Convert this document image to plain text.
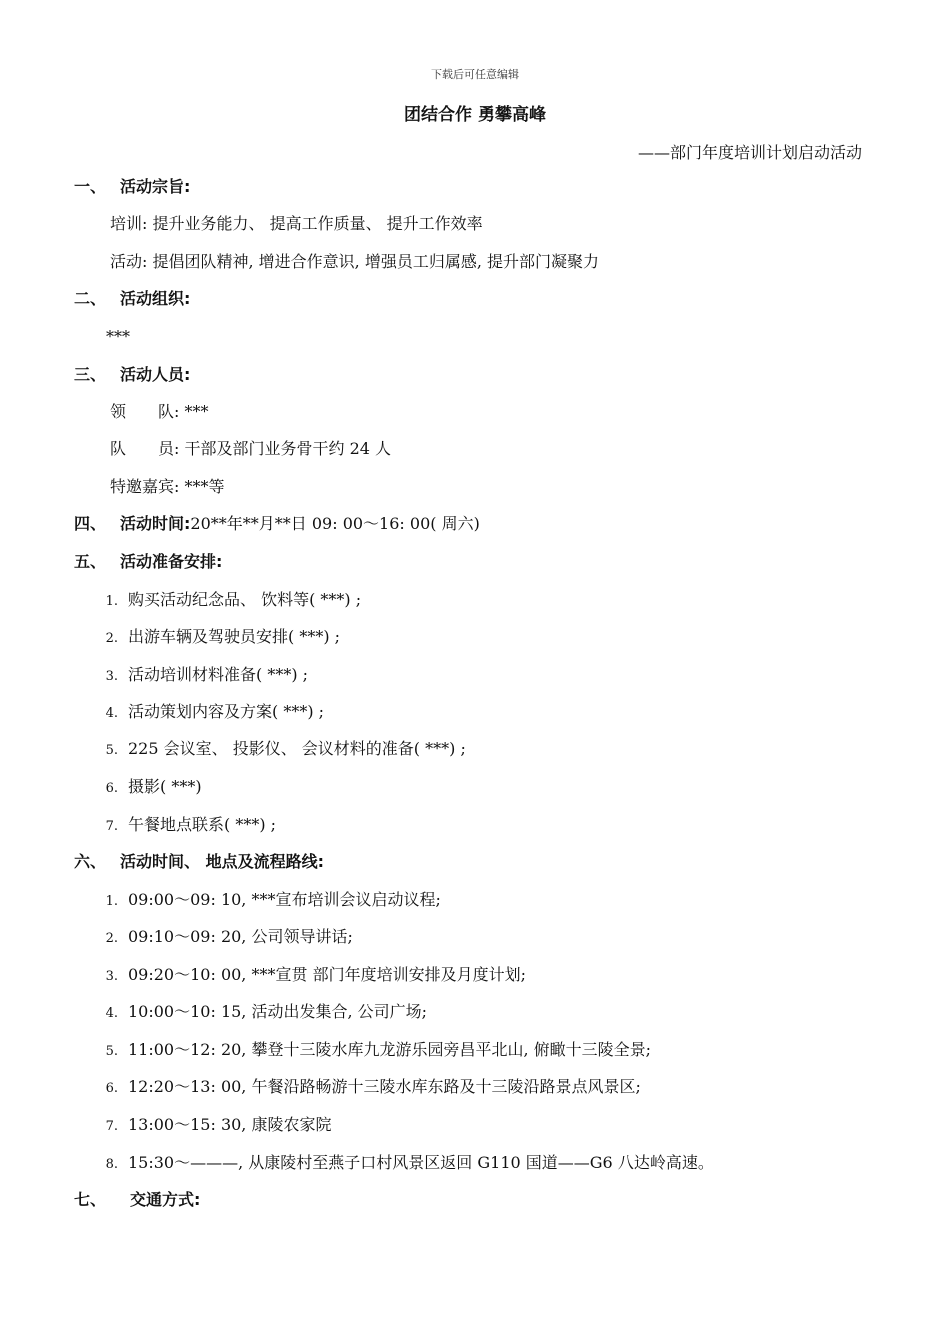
下载后可任意编辑
团结合作 勇攀高峰
——部门年度培训计划启动活动
一、 活动宗旨:
培训: 提升业务能力、 提高工作质量、 提升工作效率
活动: 提倡团队精神, 增进合作意识, 增强员工归属感, 提升部门凝聚力
二、 活动组织:
***
三、 活动人员:
领　　队: ***
队　　员: 干部及部门业务骨干约 24 人
特邀嘉宾: ***等
四、 活动时间:20**年**月**日 09: 00～16: 00( 周六)
五、 活动准备安排:
1. 购买活动纪念品、 饮料等( ***) ;
2. 出游车辆及驾驶员安排( ***) ;
3. 活动培训材料准备( ***) ;
4. 活动策划内容及方案( ***) ;
5. 225 会议室、 投影仪、 会议材料的准备( ***) ;
6. 摄影( ***)
7. 午餐地点联系( ***) ;
六、 活动时间、 地点及流程路线:
1. 09:00～09: 10, ***宣布培训会议启动议程;
2. 09:10～09: 20, 公司领导讲话;
3. 09:20～10: 00, ***宣贯 部门年度培训安排及月度计划;
4. 10:00～10: 15, 活动出发集合, 公司广场;
5. 11:00～12: 20, 攀登十三陵水库九龙游乐园旁昌平北山, 俯瞰十三陵全景;
6. 12:20～13: 00, 午餐沿路畅游十三陵水库东路及十三陵沿路景点风景区;
7. 13:00～15: 30, 康陵农家院
8. 15:30～———, 从康陵村至燕子口村风景区返回 G110 国道——G6 八达岭高速。
七、 交通方式:
